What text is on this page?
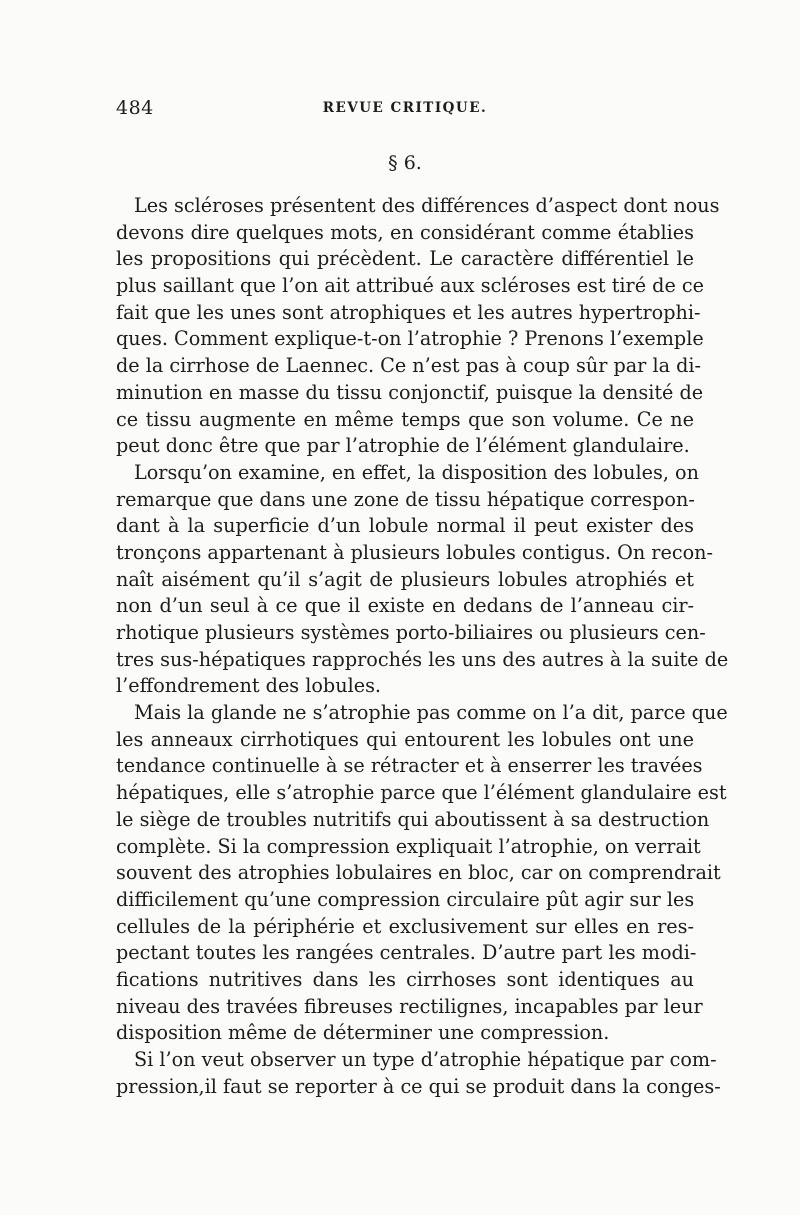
484	REVUE CRITIQUE.
§ 6.
Les scléroses présentent des différences d’aspect dont nous
devons dire quelques mots, en considérant comme établies
les propositions qui précèdent. Le caractère différentiel le
plus saillant que l’on ait attribué aux scléroses est tiré de ce
fait que les unes sont atrophiques et les autres hypertrophi-
ques. Comment explique-t-on l’atrophie ? Prenons l’exemple
de la cirrhose de Laennec. Ce n’est pas à coup sûr par la di-
minution en masse du tissu conjonctif, puisque la densité de
ce tissu augmente en même temps que son volume. Ce ne
peut donc être que par l’atrophie de l’élément glandulaire.
Lorsqu’on examine, en effet, la disposition des lobules, on
remarque que dans une zone de tissu hépatique correspon-
dant à la superficie d’un lobule normal il peut exister des
tronçons appartenant à plusieurs lobules contigus. On recon-
naît aisément qu’il s’agit de plusieurs lobules atrophiés et
non d’un seul à ce que il existe en dedans de l’anneau cir-
rhotique plusieurs systèmes porto-biliaires ou plusieurs cen-
tres sus-hépatiques rapprochés les uns des autres à la suite de
l’effondrement des lobules.
Mais la glande ne s’atrophie pas comme on l’a dit, parce que
les anneaux cirrhotiques qui entourent les lobules ont une
tendance continuelle à se rétracter et à enserrer les travées
hépatiques, elle s’atrophie parce que l’élément glandulaire est
le siège de troubles nutritifs qui aboutissent à sa destruction
complète. Si la compression expliquait l’atrophie, on verrait
souvent des atrophies lobulaires en bloc, car on comprendrait
difficilement qu’une compression circulaire pût agir sur les
cellules de la périphérie et exclusivement sur elles en res-
pectant toutes les rangées centrales. D’autre part les modi-
fications nutritives dans les cirrhoses sont identiques au
niveau des travées fibreuses rectilignes, incapables par leur
disposition même de déterminer une compression.
Si l’on veut observer un type d’atrophie hépatique par com-
pression,il faut se reporter à ce qui se produit dans la conges-
